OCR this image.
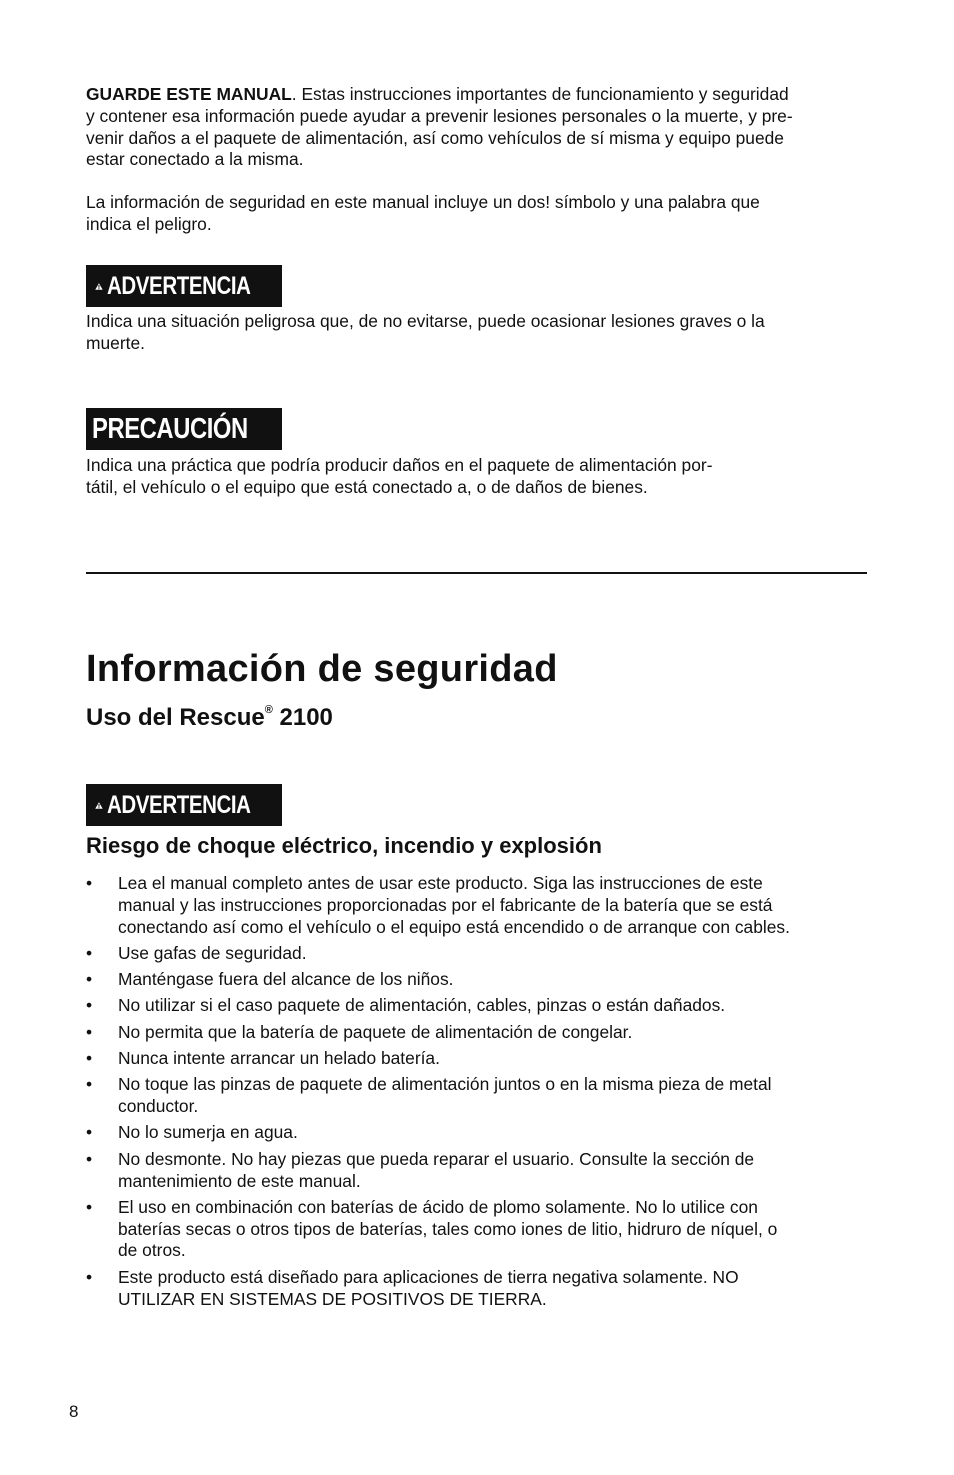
GUARDE ESTE MANUAL. Estas instrucciones importantes de funcionamiento y seguridad
y contener esa información puede ayudar a prevenir lesiones personales o la muerte, y pre-
venir daños a el paquete de alimentación, así como vehículos de sí misma y equipo puede
estar conectado a la misma.
La información de seguridad en este manual incluye un dos! símbolo y una palabra que
indica el peligro.
ADVERTENCIA
Indica una situación peligrosa que, de no evitarse, puede ocasionar lesiones graves o la
muerte.
PRECAUCIÓN
Indica una práctica que podría producir daños en el paquete de alimentación por-
tátil, el vehículo o el equipo que está conectado a, o de daños de bienes.
Información de seguridad
Uso del Rescue® 2100
ADVERTENCIA
Riesgo de choque eléctrico, incendio y explosión
•	Lea el manual completo antes de usar este producto. Siga las instrucciones de este
manual y las instrucciones proporcionadas por el fabricante de la batería que se está
conectando así como el vehículo o el equipo está encendido o de arranque con cables.
•	Use gafas de seguridad.
•	Manténgase fuera del alcance de los niños.
•	No utilizar si el caso paquete de alimentación, cables, pinzas o están dañados.
•	No permita que la batería de paquete de alimentación de congelar.
•	Nunca intente arrancar un helado batería.
•	No toque las pinzas de paquete de alimentación juntos o en la misma pieza de metal
conductor.
•	No lo sumerja en agua.
•	No desmonte. No hay piezas que pueda reparar el usuario. Consulte la sección de
mantenimiento de este manual.
•	El uso en combinación con baterías de ácido de plomo solamente. No lo utilice con
baterías secas o otros tipos de baterías, tales como iones de litio, hidruro de níquel, o
de otros.
•	Este producto está diseñado para aplicaciones de tierra negativa solamente. NO
UTILIZAR EN SISTEMAS DE POSITIVOS DE TIERRA.
8
